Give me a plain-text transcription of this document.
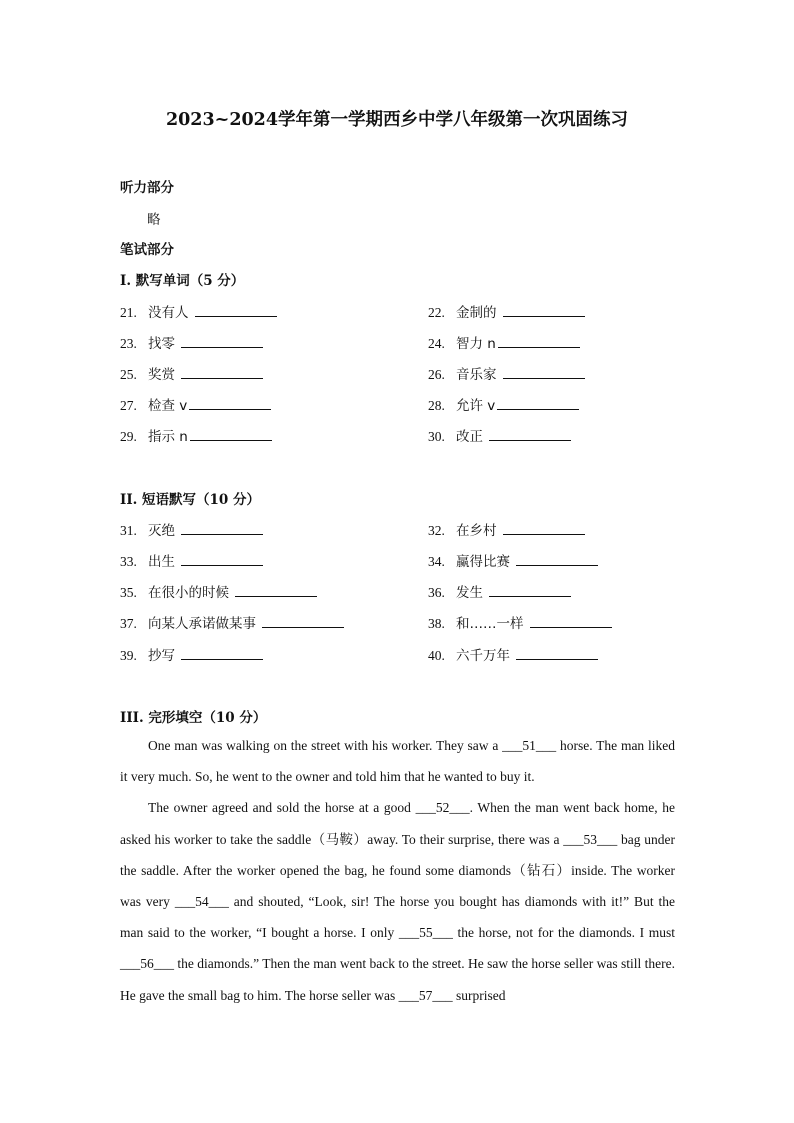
2023~2024学年第一学期西乡中学八年级第一次巩固练习
听力部分
略
笔试部分
I. 默写单词（5 分）
21. 没有人	22. 金制的
23. 找零	24. 智力 n
25. 奖赏	26. 音乐家
27. 检查 v	28. 允许 v
29. 指示 n	30. 改正
II. 短语默写（10 分）
31. 灭绝	32. 在乡村
33. 出生	34. 赢得比赛
35. 在很小的时候	36. 发生
37. 向某人承诺做某事	38. 和……一样
39. 抄写	40. 六千万年
III. 完形填空（10 分）

One man was walking on the street with his worker. They saw a ___51___ horse. The man liked it very much. So, he went to the owner and told him that he wanted to buy it.

The owner agreed and sold the horse at a good ___52___. When the man went back home, he asked his worker to take the saddle（马鞍）away. To their surprise, there was a ___53___ bag under the saddle. After the worker opened the bag, he found some diamonds（钻石）inside. The worker was very ___54___ and shouted, “Look, sir! The horse you bought has diamonds with it!” But the man said to the worker, “I bought a horse. I only ___55___ the horse, not for the diamonds. I must ___56___ the diamonds.” Then the man went back to the street. He saw the horse seller was still there. He gave the small bag to him. The horse seller was ___57___ surprised
